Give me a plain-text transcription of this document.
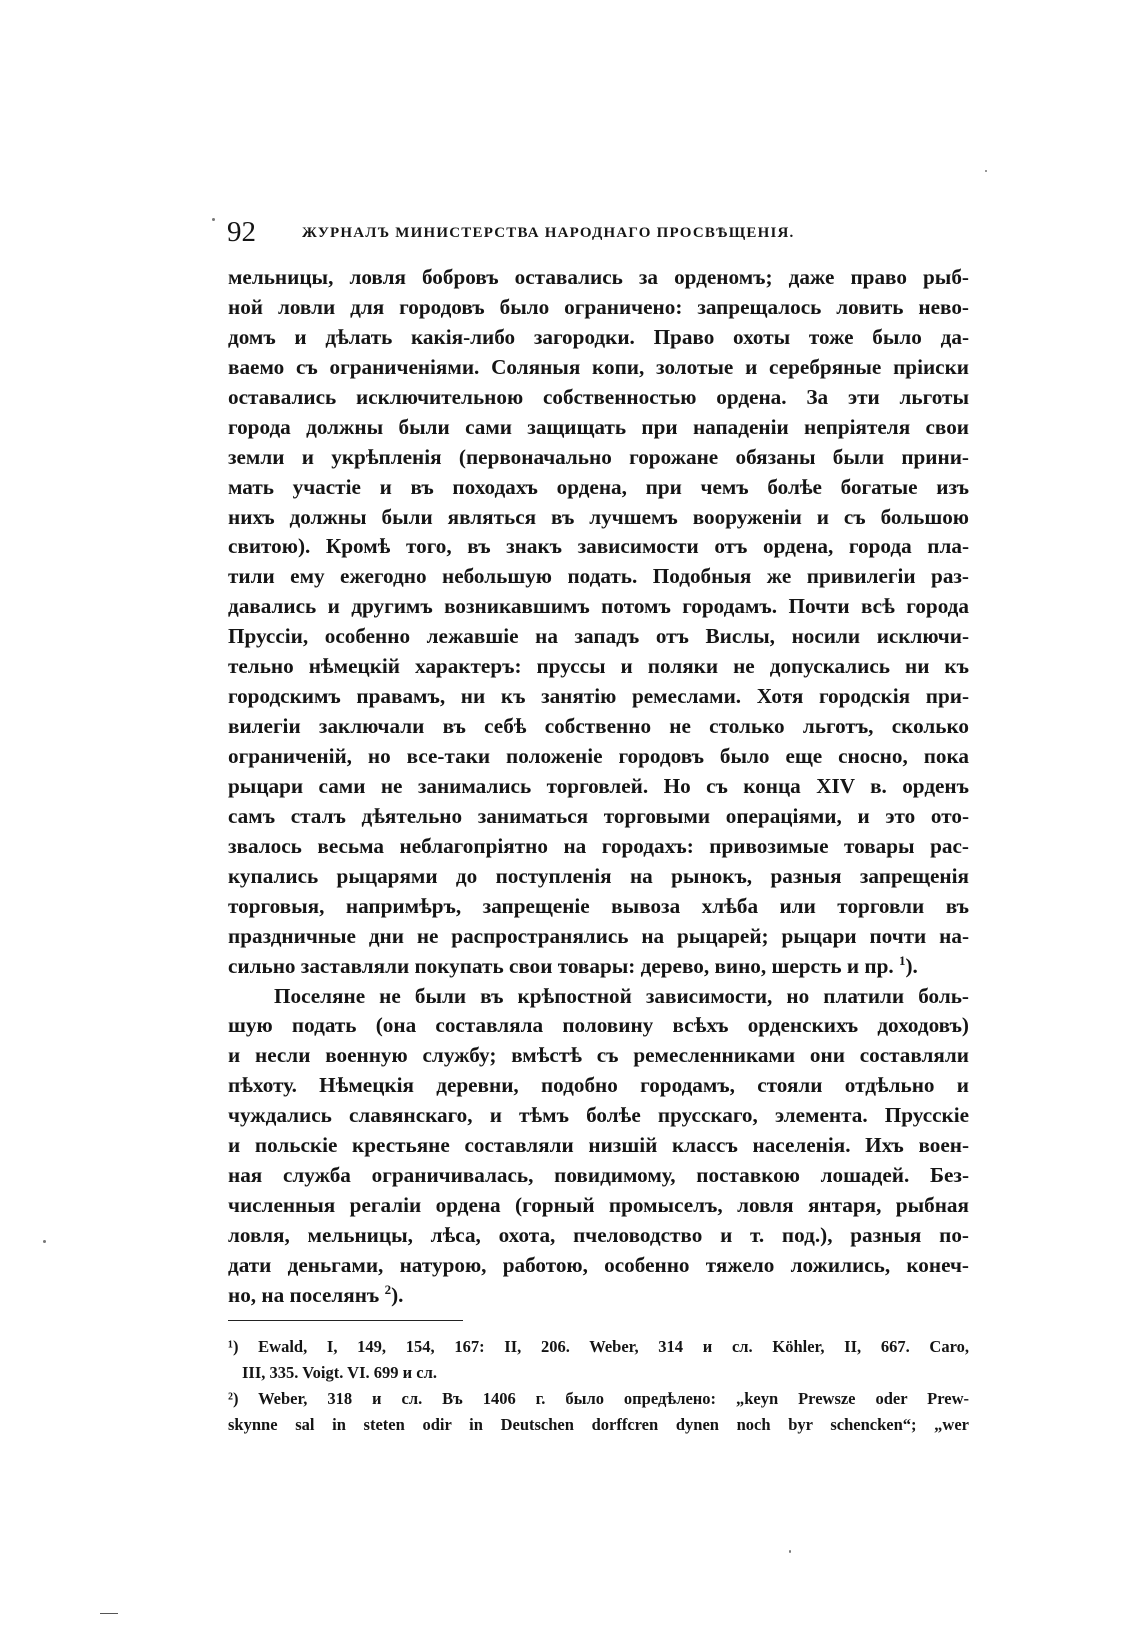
92	ЖУРНАЛЪ МИНИСТЕРСТВА НАРОДНАГО ПРОСВѢЩЕНІЯ.
мельницы, ловля бобровъ оставались за орденомъ; даже право рыб-
ной ловли для городовъ было ограничено: запрещалось ловить нево-
домъ и дѣлать какія-либо загородки. Право охоты тоже было да-
ваемо съ ограниченіями. Соляныя копи, золотые и серебряные пріиски
оставались исключительною собственностью ордена. За эти льготы
города должны были сами защищать при нападеніи непріятеля свои
земли и укрѣпленія (первоначально горожане обязаны были прини-
мать участіе и въ походахъ ордена, при чемъ болѣе богатые изъ
нихъ должны были являться въ лучшемъ вооруженіи и съ большою
свитою). Кромѣ того, въ знакъ зависимости отъ ордена, города пла-
тили ему ежегодно небольшую подать. Подобныя же привилегіи раз-
давались и другимъ возникавшимъ потомъ городамъ. Почти всѣ города
Пруссіи, особенно лежавшіе на западъ отъ Вислы, носили исключи-
тельно нѣмецкій характеръ: пруссы и поляки не допускались ни къ
городскимъ правамъ, ни къ занятію ремеслами. Хотя городскія при-
вилегіи заключали въ себѣ собственно не столько льготъ, сколько
ограниченій, но все-таки положеніе городовъ было еще сносно, пока
рыцари сами не занимались торговлей. Но съ конца XIV в. орденъ
самъ сталъ дѣятельно заниматься торговыми операціями, и это ото-
звалось весьма неблагопріятно на городахъ: привозимые товары рас-
купались рыцарями до поступленія на рынокъ, разныя запрещенія
торговыя, напримѣръ, запрещеніе вывоза хлѣба или торговли въ
праздничные дни не распространялись на рыцарей; рыцари почти на-
сильно заставляли покупать свои товары: дерево, вино, шерсть и пр. $^1$).
Поселяне не были въ крѣпостной зависимости, но платили боль-
шую подать (она составляла половину всѣхъ орденскихъ доходовъ)
и несли военную службу; вмѣстѣ съ ремесленниками они составляли
пѣхоту. Нѣмецкія деревни, подобно городамъ, стояли отдѣльно и
чуждались славянскаго, и тѣмъ болѣе прусскаго, элемента. Прусскіе
и польскіе крестьяне составляли низшій классъ населенія. Ихъ воен-
ная служба ограничивалась, повидимому, поставкою лошадей. Без-
численныя регаліи ордена (горный промыселъ, ловля янтаря, рыбная
ловля, мельницы, лѣса, охота, пчеловодство и т. под.), разныя по-
дати деньгами, натурою, работою, особенно тяжело ложились, конеч-
но, на поселянъ $^2$).
¹) Ewald, I, 149, 154, 167: II, 206. Weber, 314 и сл. Köhler, II, 667. Caro,
III, 335. Voigt. VI. 699 и сл.
²) Weber, 318 и сл. Въ 1406 г. было опредѣлено: „keyn Prewsze oder Prew-
skynne sal in steten odir in Deutschen dorffcren dynen noch byr schencken“; „wer
